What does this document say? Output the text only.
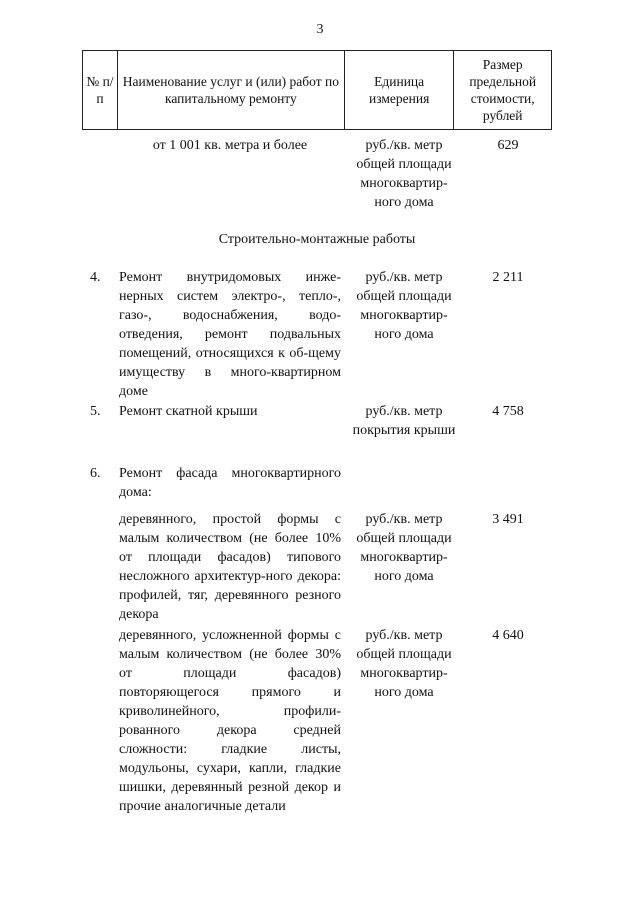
3
№ п/п
Наименование услуг и (или) работ по капитальному ремонту
Единица измерения
Размер предельной стоимости, рублей
от 1 001 кв. метра и более	руб./кв. метр общей площади многоквартир-ного дома
629
Строительно-монтажные работы
4. Ремонт внутридомовых инже-нерных систем электро-, тепло-, газо-, водоснабжения, водо-отведения, ремонт подвальных помещений, относящихся к об-щему имуществу в много-квартирном доме
руб./кв. метр общей площади многоквартир-ного дома
2 211
5. Ремонт скатной крыши	руб./кв. метр покрытия крыши
4 758
6. Ремонт фасада многоквартирного дома:
деревянного, простой формы с малым количеством (не более 10% от площади фасадов) типового несложного архитектур-ного декора: профилей, тяг, деревянного резного декора
руб./кв. метр общей площади многоквартир-ного дома
3 491
деревянного, усложненной формы с малым количеством (не более 30% от площади фасадов) повторяющегося прямого и криволинейного, профили-рованного декора средней сложности: гладкие листы, модульоны, сухари, капли, гладкие шишки, деревянный резной декор и прочие аналогичные детали
руб./кв. метр общей площади многоквартир-ного дома
4 640
